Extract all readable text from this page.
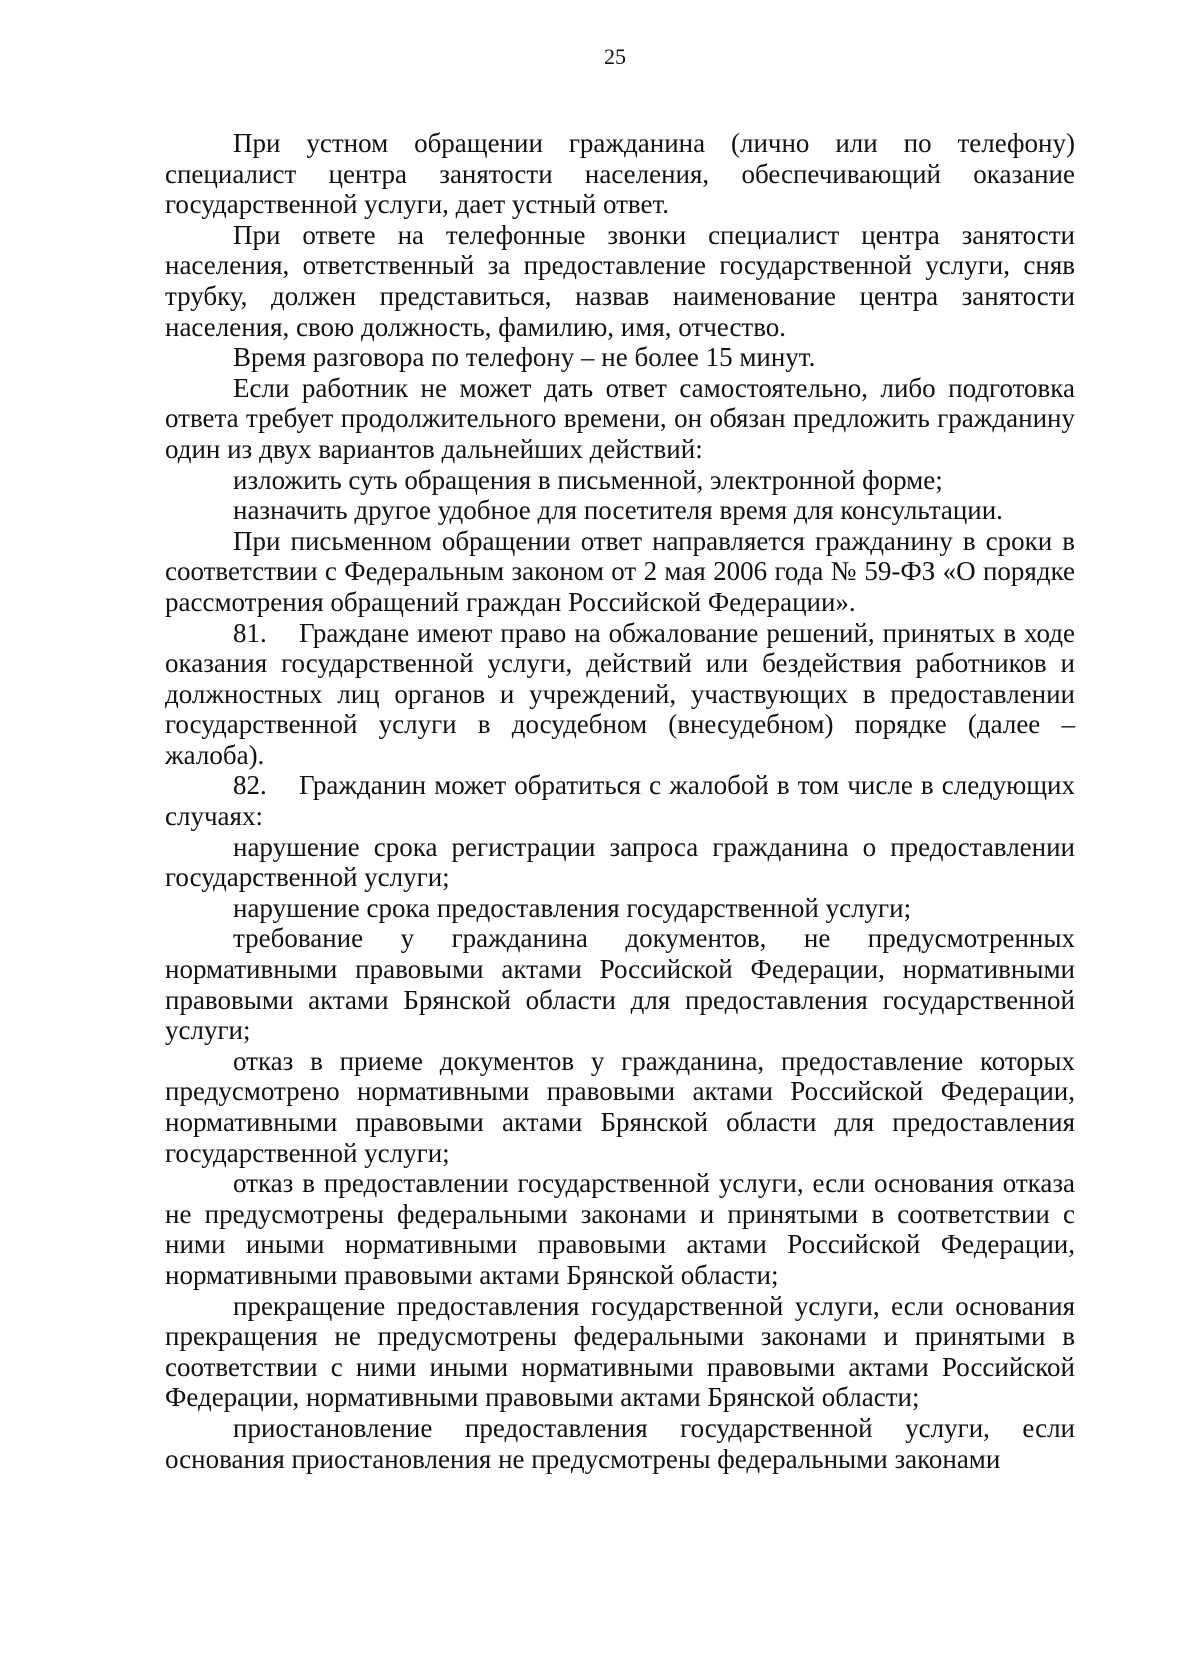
25

При устном обращении гражданина (лично или по телефону) специалист центра занятости населения, обеспечивающий оказание государственной услуги, дает устный ответ.

При ответе на телефонные звонки специалист центра занятости населения, ответственный за предоставление государственной услуги, сняв трубку, должен представиться, назвав наименование центра занятости населения, свою должность, фамилию, имя, отчество.

Время разговора по телефону – не более 15 минут.

Если работник не может дать ответ самостоятельно, либо подготовка ответа требует продолжительного времени, он обязан предложить гражданину один из двух вариантов дальнейших действий:

изложить суть обращения в письменной, электронной форме;

назначить другое удобное для посетителя время для консультации.

При письменном обращении ответ направляется гражданину в сроки в соответствии с Федеральным законом от 2 мая 2006 года № 59-ФЗ «О порядке рассмотрения обращений граждан Российской Федерации».

81. Граждане имеют право на обжалование решений, принятых в ходе оказания государственной услуги, действий или бездействия работников и должностных лиц органов и учреждений, участвующих в предоставлении государственной услуги в досудебном (внесудебном) порядке (далее – жалоба).

82. Гражданин может обратиться с жалобой в том числе в следующих случаях:

нарушение срока регистрации запроса гражданина о предоставлении государственной услуги;

нарушение срока предоставления государственной услуги;

требование у гражданина документов, не предусмотренных нормативными правовыми актами Российской Федерации, нормативными правовыми актами Брянской области для предоставления государственной услуги;

отказ в приеме документов у гражданина, предоставление которых предусмотрено нормативными правовыми актами Российской Федерации, нормативными правовыми актами Брянской области для предоставления государственной услуги;

отказ в предоставлении государственной услуги, если основания отказа не предусмотрены федеральными законами и принятыми в соответствии с ними иными нормативными правовыми актами Российской Федерации, нормативными правовыми актами Брянской области;

прекращение предоставления государственной услуги, если основания прекращения не предусмотрены федеральными законами и принятыми в соответствии с ними иными нормативными правовыми актами Российской Федерации, нормативными правовыми актами Брянской области;

приостановление предоставления государственной услуги, если основания приостановления не предусмотрены федеральными законами
